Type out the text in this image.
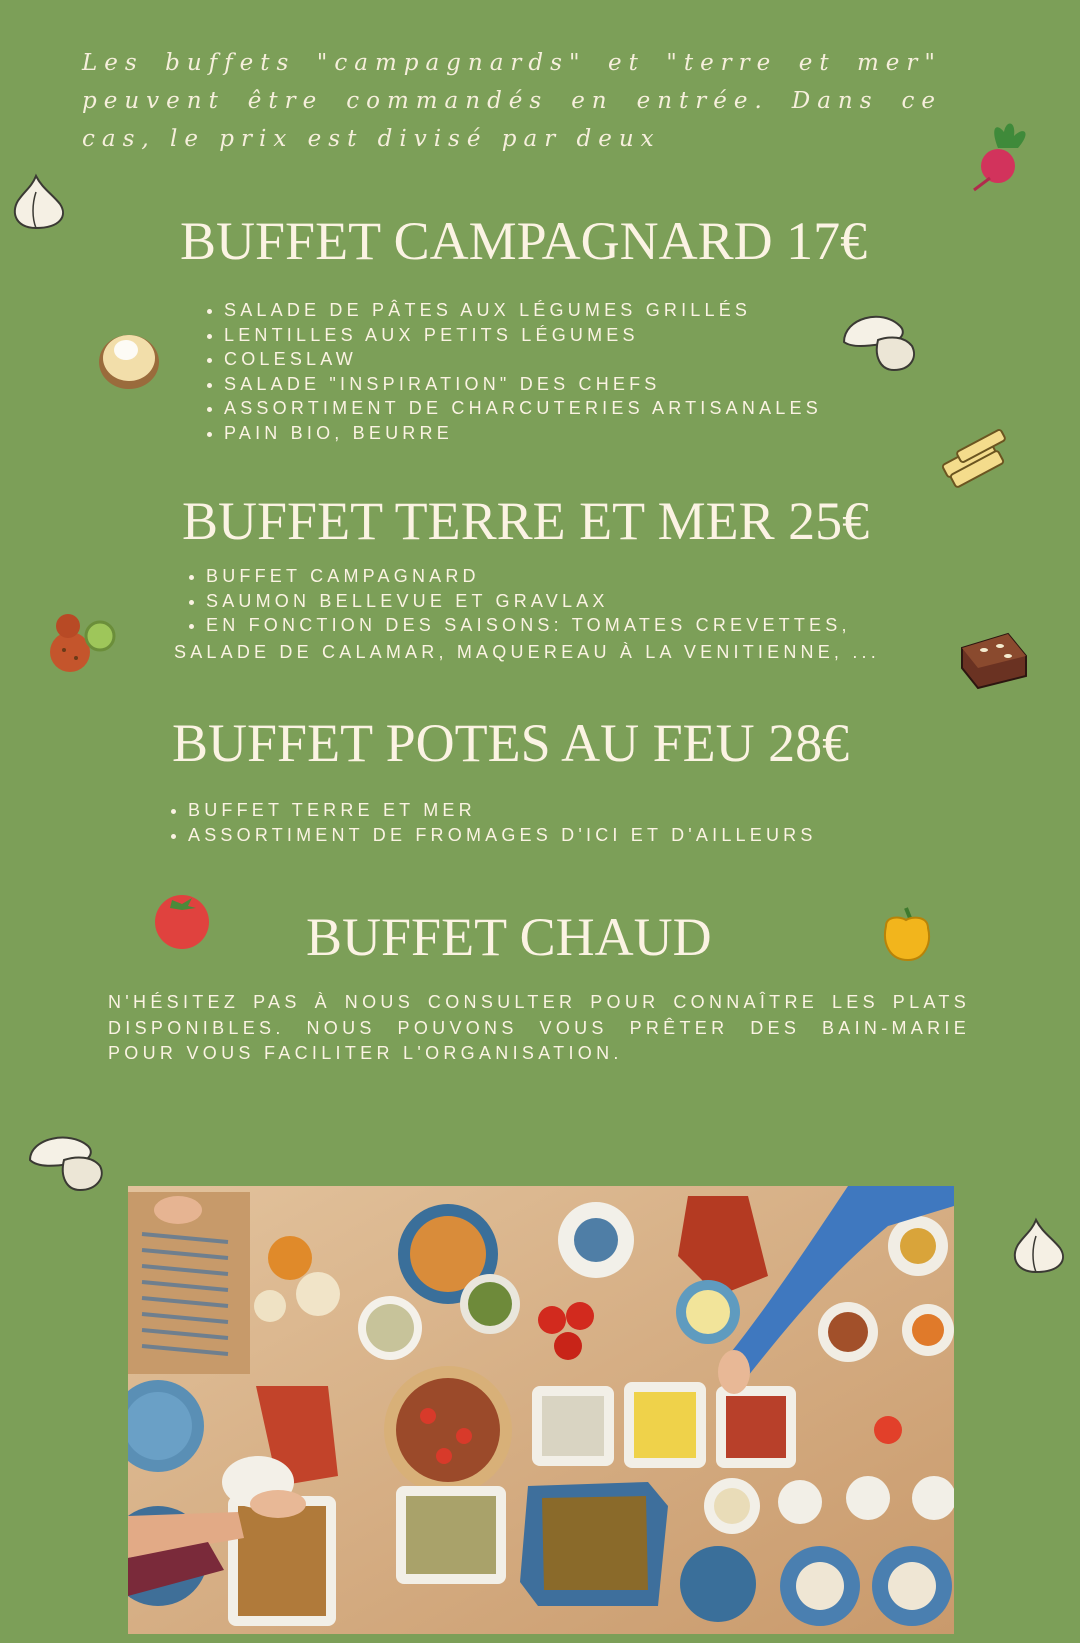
Les buffets "campagnards" et "terre et mer" peuvent être commandés en entrée. Dans ce cas, le prix est divisé par deux
BUFFET CAMPAGNARD 17€
• SALADE DE PÂTES AUX LÉGUMES GRILLÉS
• LENTILLES AUX PETITS LÉGUMES
• COLESLAW
• SALADE "INSPIRATION" DES CHEFS
• ASSORTIMENT DE CHARCUTERIES ARTISANALES
• PAIN BIO, BEURRE
BUFFET TERRE ET MER 25€
• BUFFET CAMPAGNARD
• SAUMON BELLEVUE ET GRAVLAX
• EN FONCTION DES SAISONS: TOMATES CREVETTES,
SALADE DE CALAMAR, MAQUEREAU À LA VENITIENNE, ...
BUFFET POTES AU FEU 28€
• BUFFET TERRE ET MER
• ASSORTIMENT DE FROMAGES D'ICI ET D'AILLEURS
BUFFET CHAUD
N'HÉSITEZ PAS À NOUS CONSULTER POUR CONNAÎTRE LES PLATS DISPONIBLES. NOUS POUVONS VOUS PRÊTER DES BAIN-MARIE POUR VOUS FACILITER L'ORGANISATION.
